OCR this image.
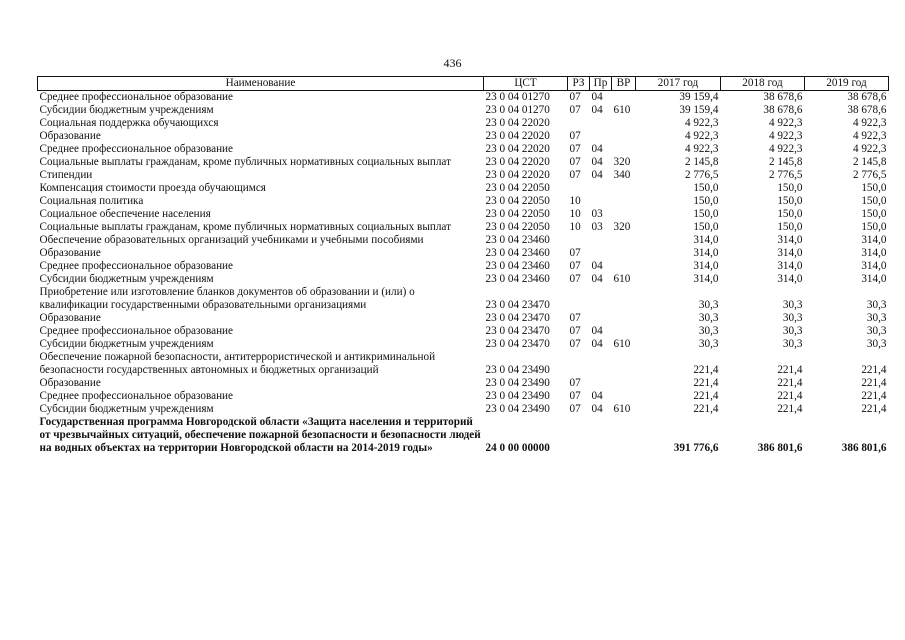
436
Наименование	ЦСТ	РЗ	Пр	ВР	2017 год	2018 год	2019 год
Среднее профессиональное образование	23 0 04 01270	07	04		39 159,4	38 678,6	38 678,6
Субсидии бюджетным учреждениям	23 0 04 01270	07	04	610	39 159,4	38 678,6	38 678,6
Социальная поддержка обучающихся	23 0 04 22020				4 922,3	4 922,3	4 922,3
Образование	23 0 04 22020	07			4 922,3	4 922,3	4 922,3
Среднее профессиональное образование	23 0 04 22020	07	04		4 922,3	4 922,3	4 922,3
Социальные выплаты гражданам, кроме публичных нормативных социальных выплат	23 0 04 22020	07	04	320	2 145,8	2 145,8	2 145,8
Стипендии	23 0 04 22020	07	04	340	2 776,5	2 776,5	2 776,5
Компенсация стоимости проезда обучающимся	23 0 04 22050				150,0	150,0	150,0
Социальная политика	23 0 04 22050	10			150,0	150,0	150,0
Социальное обеспечение населения	23 0 04 22050	10	03		150,0	150,0	150,0
Социальные выплаты гражданам, кроме публичных нормативных социальных выплат	23 0 04 22050	10	03	320	150,0	150,0	150,0
Обеспечение образовательных организаций учебниками и учебными пособиями	23 0 04 23460				314,0	314,0	314,0
Образование	23 0 04 23460	07			314,0	314,0	314,0
Среднее профессиональное образование	23 0 04 23460	07	04		314,0	314,0	314,0
Субсидии бюджетным учреждениям	23 0 04 23460	07	04	610	314,0	314,0	314,0
Приобретение или изготовление бланков документов об образовании и (или) о квалификации государственными образовательными организациями	23 0 04 23470				30,3	30,3	30,3
Образование	23 0 04 23470	07			30,3	30,3	30,3
Среднее профессиональное образование	23 0 04 23470	07	04		30,3	30,3	30,3
Субсидии бюджетным учреждениям	23 0 04 23470	07	04	610	30,3	30,3	30,3
Обеспечение пожарной безопасности, антитеррористической и антикриминальной безопасности государственных автономных и бюджетных организаций	23 0 04 23490				221,4	221,4	221,4
Образование	23 0 04 23490	07			221,4	221,4	221,4
Среднее профессиональное образование	23 0 04 23490	07	04		221,4	221,4	221,4
Субсидии бюджетным учреждениям	23 0 04 23490	07	04	610	221,4	221,4	221,4
Государственная программа Новгородской области «Защита населения и территорий от чрезвычайных ситуаций, обеспечение пожарной безопасности и безопасности людей на водных объектах на территории Новгородской области на 2014-2019 годы»	24 0 00 00000				391 776,6	386 801,6	386 801,6
